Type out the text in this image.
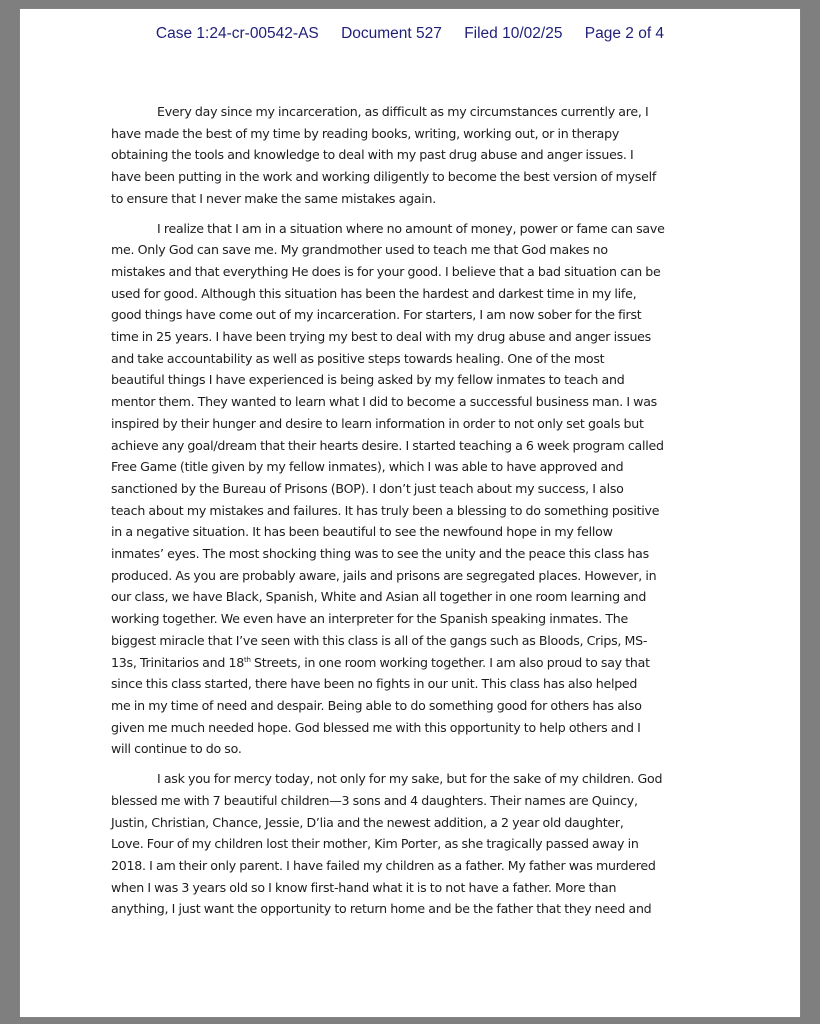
Case 1:24-cr-00542-AS Document 527 Filed 10/02/25 Page 2 of 4
Every day since my incarceration, as difficult as my circumstances currently are, I
have made the best of my time by reading books, writing, working out, or in therapy
obtaining the tools and knowledge to deal with my past drug abuse and anger issues. I
have been putting in the work and working diligently to become the best version of myself
to ensure that I never make the same mistakes again.
I realize that I am in a situation where no amount of money, power or fame can save
me. Only God can save me. My grandmother used to teach me that God makes no
mistakes and that everything He does is for your good. I believe that a bad situation can be
used for good. Although this situation has been the hardest and darkest time in my life,
good things have come out of my incarceration. For starters, I am now sober for the first
time in 25 years. I have been trying my best to deal with my drug abuse and anger issues
and take accountability as well as positive steps towards healing. One of the most
beautiful things I have experienced is being asked by my fellow inmates to teach and
mentor them. They wanted to learn what I did to become a successful business man. I was
inspired by their hunger and desire to learn information in order to not only set goals but
achieve any goal/dream that their hearts desire. I started teaching a 6 week program called
Free Game (title given by my fellow inmates), which I was able to have approved and
sanctioned by the Bureau of Prisons (BOP). I don’t just teach about my success, I also
teach about my mistakes and failures. It has truly been a blessing to do something positive
in a negative situation. It has been beautiful to see the newfound hope in my fellow
inmates’ eyes. The most shocking thing was to see the unity and the peace this class has
produced. As you are probably aware, jails and prisons are segregated places. However, in
our class, we have Black, Spanish, White and Asian all together in one room learning and
working together. We even have an interpreter for the Spanish speaking inmates. The
biggest miracle that I’ve seen with this class is all of the gangs such as Bloods, Crips, MS-
13s, Trinitarios and 18th Streets, in one room working together. I am also proud to say that
since this class started, there have been no fights in our unit. This class has also helped
me in my time of need and despair. Being able to do something good for others has also
given me much needed hope. God blessed me with this opportunity to help others and I
will continue to do so.
I ask you for mercy today, not only for my sake, but for the sake of my children. God
blessed me with 7 beautiful children—3 sons and 4 daughters. Their names are Quincy,
Justin, Christian, Chance, Jessie, D’lia and the newest addition, a 2 year old daughter,
Love. Four of my children lost their mother, Kim Porter, as she tragically passed away in
2018. I am their only parent. I have failed my children as a father. My father was murdered
when I was 3 years old so I know first-hand what it is to not have a father. More than
anything, I just want the opportunity to return home and be the father that they need and
